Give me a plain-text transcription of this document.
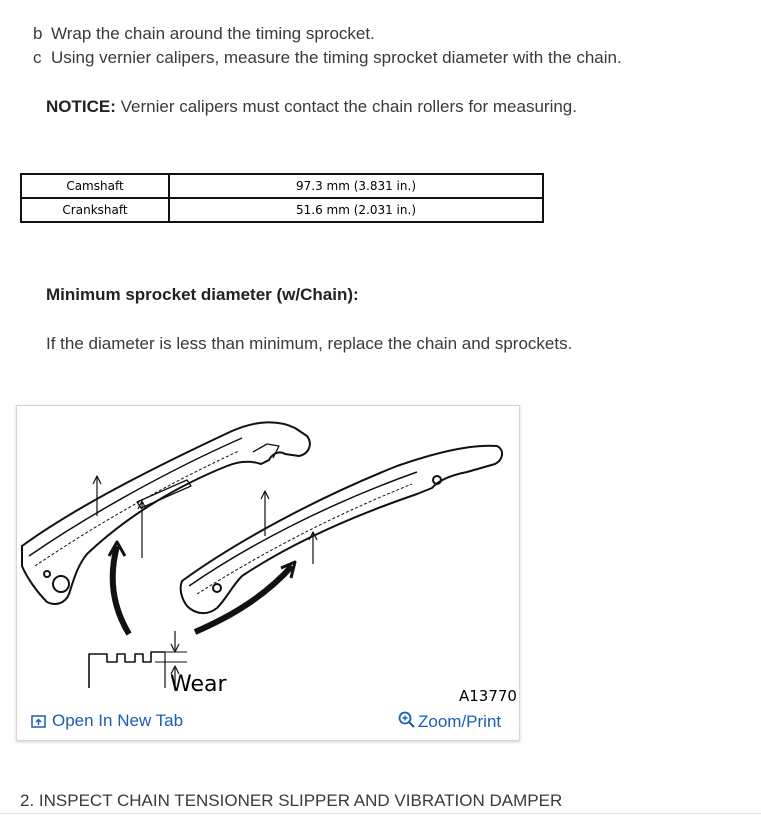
b Wrap the chain around the timing sprocket.
c Using vernier calipers, measure the timing sprocket diameter with the chain.
NOTICE: Vernier calipers must contact the chain rollers for measuring.
Camshaft	97.3 mm (3.831 in.)
Crankshaft	51.6 mm (2.031 in.)
Minimum sprocket diameter (w/Chain):
If the diameter is less than minimum, replace the chain and sprockets.
Wear	A13770
Open In New Tab	Zoom/Print
2. INSPECT CHAIN TENSIONER SLIPPER AND VIBRATION DAMPER
